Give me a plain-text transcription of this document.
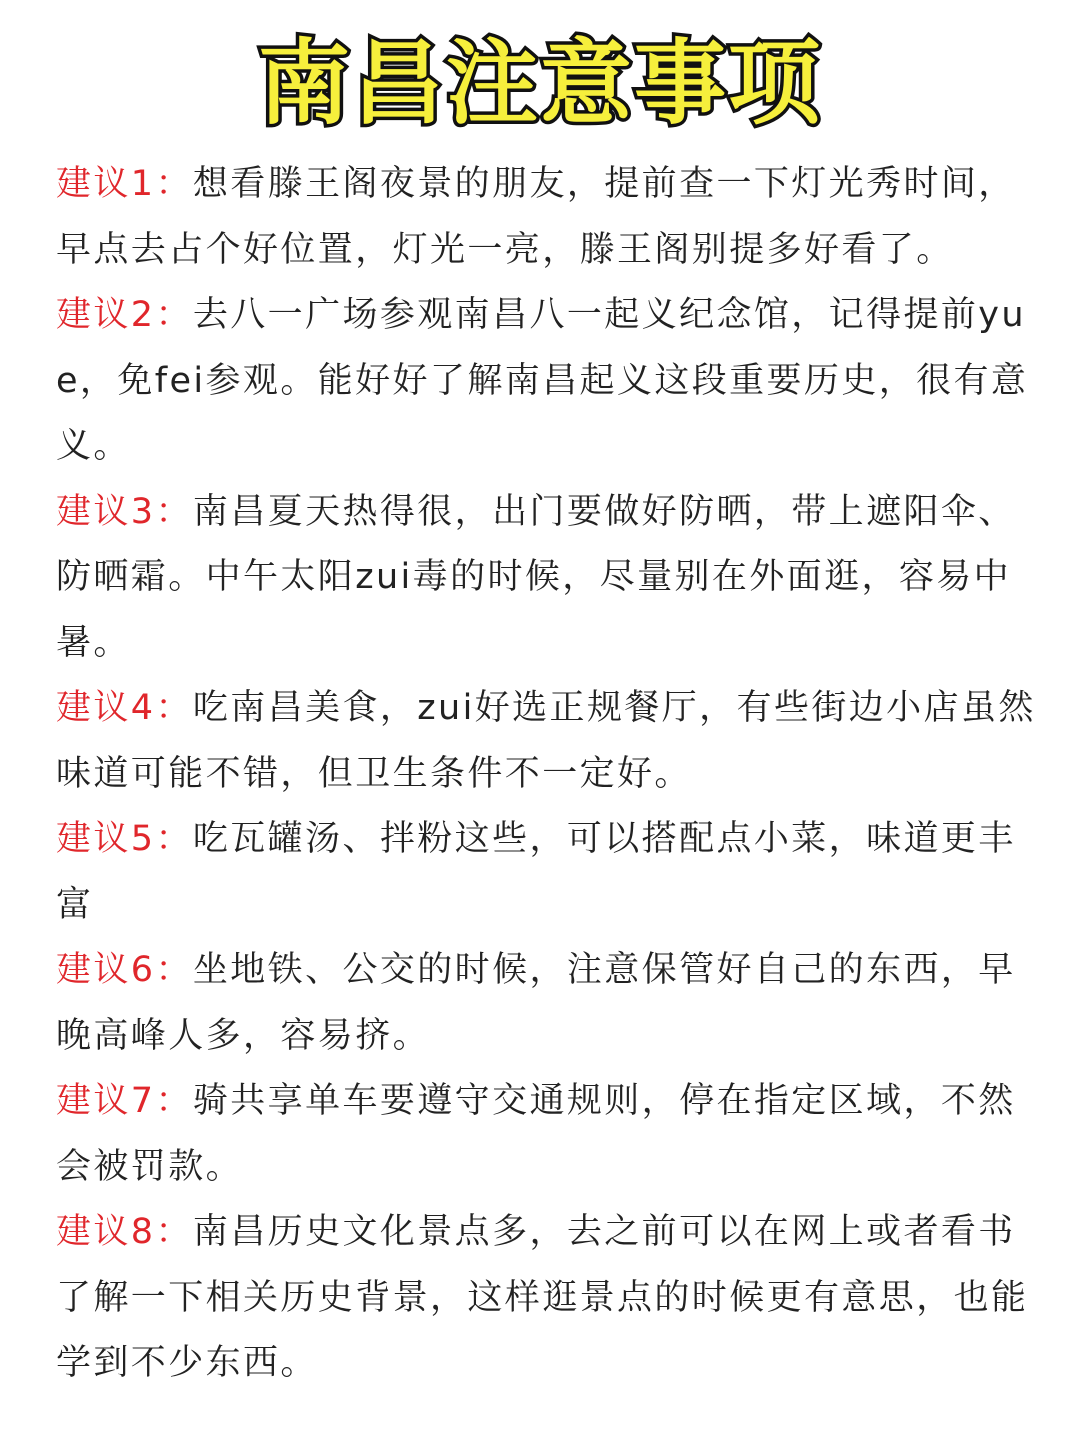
南昌注意事项

建议1：想看滕王阁夜景的朋友，提前查一下灯光秀时间，早点去占个好位置，灯光一亮，滕王阁别提多好看了。

建议2：去八一广场参观南昌八一起义纪念馆，记得提前yue，免fei参观。能好好了解南昌起义这段重要历史，很有意义。

建议3：南昌夏天热得很，出门要做好防晒，带上遮阳伞、防晒霜。中午太阳zui毒的时候，尽量别在外面逛，容易中暑。

建议4：吃南昌美食，zui好选正规餐厅，有些街边小店虽然味道可能不错，但卫生条件不一定好。

建议5：吃瓦罐汤、拌粉这些，可以搭配点小菜，味道更丰富

建议6：坐地铁、公交的时候，注意保管好自己的东西，早晚高峰人多，容易挤。

建议7：骑共享单车要遵守交通规则，停在指定区域，不然会被罚款。

建议8：南昌历史文化景点多，去之前可以在网上或者看书了解一下相关历史背景，这样逛景点的时候更有意思，也能学到不少东西。
